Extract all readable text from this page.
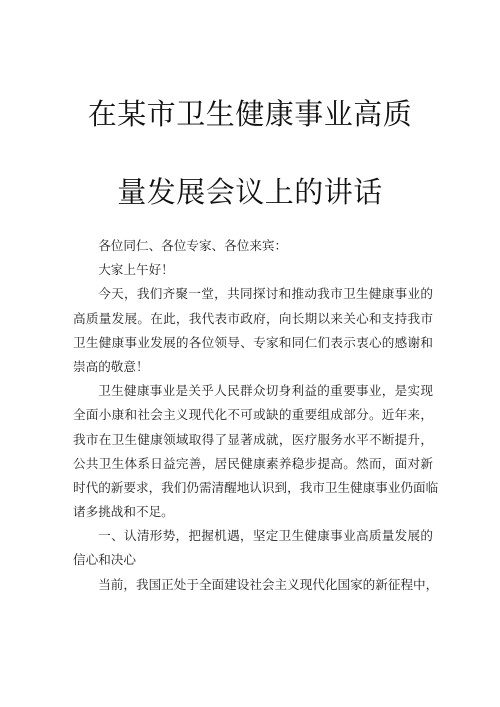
在某市卫生健康事业高质
量发展会议上的讲话
各位同仁、各位专家、各位来宾：
大家上午好！
今天，我们齐聚一堂，共同探讨和推动我市卫生健康事业的
高质量发展。在此，我代表市政府，向长期以来关心和支持我市
卫生健康事业发展的各位领导、专家和同仁们表示衷心的感谢和
崇高的敬意！
卫生健康事业是关乎人民群众切身利益的重要事业，是实现
全面小康和社会主义现代化不可或缺的重要组成部分。近年来，
我市在卫生健康领域取得了显著成就，医疗服务水平不断提升，
公共卫生体系日益完善，居民健康素养稳步提高。然而，面对新
时代的新要求，我们仍需清醒地认识到，我市卫生健康事业仍面临
诸多挑战和不足。
一、认清形势，把握机遇，坚定卫生健康事业高质量发展的
信心和决心
当前，我国正处于全面建设社会主义现代化国家的新征程中，
